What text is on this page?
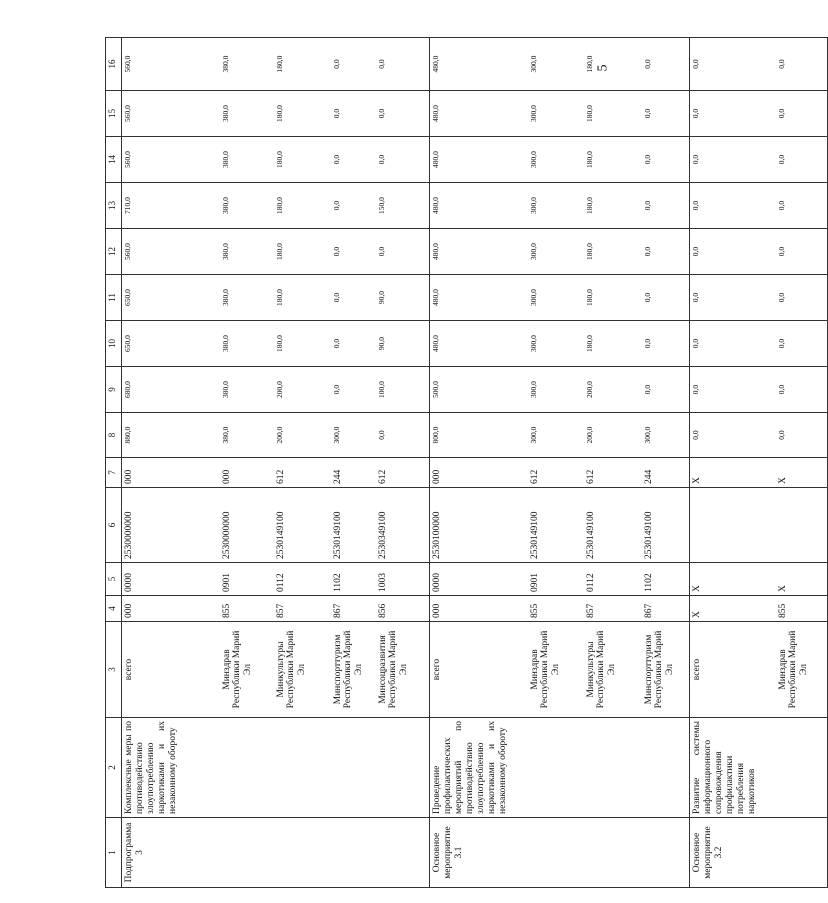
5
1	2	3	4	5	6	7	8	9	10	11	12	13	14	15	16
Подпрограмма 3	Комплексные меры по противодействию злоупотреблению наркотиками и их незаконному обороту	всего	000	0000	2530000000	000	880,0	680,0	650,0	650,0	560,0	710,0	560,0	560,0	560,0
		Минздрав Республики Марий Эл	855	0901	2530000000	000	380,0	380,0	380,0	380,0	380,0	380,0	380,0	380,0	380,0
		Минкультуры Республики Марий Эл	857	0112	2530149100	612	200,0	200,0	180,0	180,0	180,0	180,0	180,0	180,0	180,0
		Минспорттуризм Республики Марий Эл	867	1102	2530149100	244	300,0	0,0	0,0	0,0	0,0	0,0	0,0	0,0	0,0
		Минсоцразвития Республики Марий Эл	856	1003	2530349100	612	0,0	100,0	90,0	90,0	0,0	150,0	0,0	0,0	0,0
Основное мероприятие 3.1	Проведение профилактических мероприятий по противодействию злоупотреблению наркотиками и их незаконному обороту	всего	000	0000	2530100000	000	800,0	500,0	480,0	480,0	480,0	480,0	480,0	480,0	480,0
		Минздрав Республики Марий Эл	855	0901	2530149100	612	300,0	300,0	300,0	300,0	300,0	300,0	300,0	300,0	300,0
		Минкультуры Республики Марий Эл	857	0112	2530149100	612	200,0	200,0	180,0	180,0	180,0	180,0	180,0	180,0	180,0
		Минспорттуризм Республики Марий Эл	867	1102	2530149100	244	300,0	0,0	0,0	0,0	0,0	0,0	0,0	0,0	0,0
Основное мероприятие 3.2	Развитие системы информационного сопровождения профилактики потребления наркотиков	всего	X	X		X	0,0	0,0	0,0	0,0	0,0	0,0	0,0	0,0	0,0
		Минздрав Республики Марий Эл	855	X		X	0,0	0,0	0,0	0,0	0,0	0,0	0,0	0,0	0,0
